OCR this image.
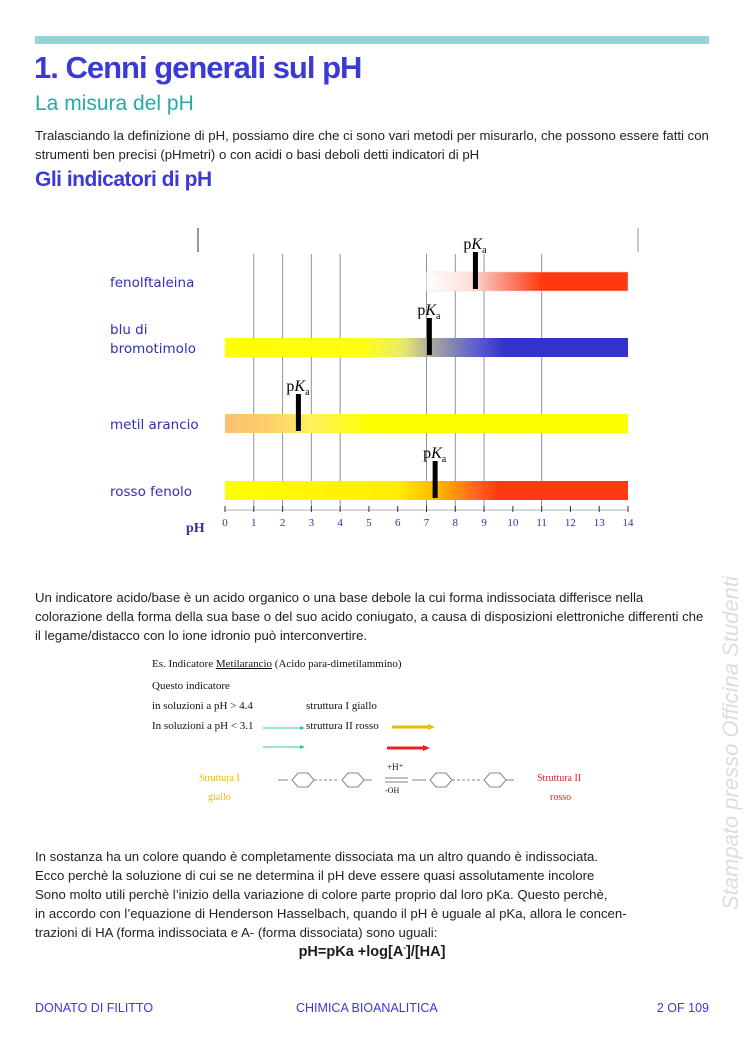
1. Cenni generali sul pH
La misura del pH
Tralasciando la definizione di pH, possiamo dire che ci sono vari metodi per misurarlo, che possono essere fatti con strumenti ben precisi (pHmetri) o con acidi o basi deboli detti indicatori di pH
Gli indicatori di pH
$pK_a$
fenolftaleina
$pK_a$
blu di
bromotimolo
$pK_a$
metil arancio
$pK_a$
rosso fenolo
0 1 2 3 4 5 6 7 8 9 10 11 12 13 14
pH
Un indicatore acido/base è un acido organico o una base debole la cui forma indissociata differisce nella colorazione della forma della sua base o del suo acido coniugato, a causa di disposizioni elettroniche differenti che il legame/distacco con lo ione idronio può interconvertire.
Es. Indicatore Metilarancio (Acido para-dimetilammino)
Questo indicatore
in soluzioni a pH > 4.4	struttura I giallo
In soluzioni a pH < 3.1	struttura II rosso
+H⁺
-OH
Struttura I
giallo
Struttura II
rosso
In sostanza ha un colore quando è completamente dissociata ma un altro quando è indissociata.
Ecco perchè la soluzione di cui se ne determina il pH deve essere quasi assolutamente incolore
Sono molto utili perchè l’inizio della variazione di colore parte proprio dal loro pKa. Questo perchè,
in accordo con l’equazione di Henderson Hasselbach, quando il pH è uguale al pKa, allora le concen-
trazioni di HA (forma indissociata e A- (forma dissociata) sono uguali:
pH=pKa +log[A-]/[HA]
Stampato presso Officina Studenti
DONATO DI FILITTO	CHIMICA BIOANALITICA	2 OF 109
